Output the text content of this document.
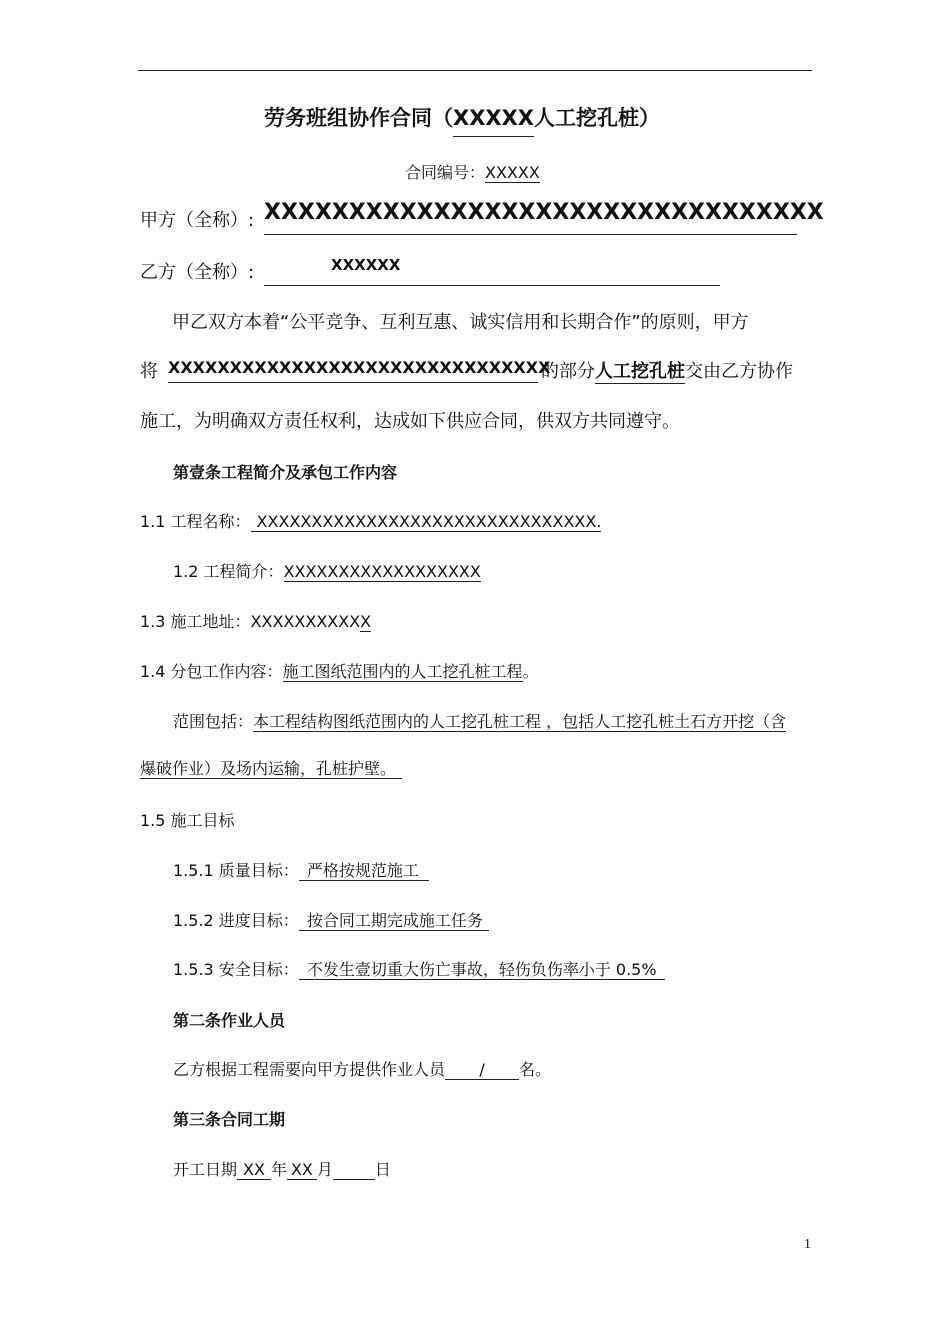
劳务班组协作合同（XXXXX人工挖孔桩）
合同编号：XXXXX
甲方（全称）: XXXXXXXXXXXXXXXXXXXXXXXXXXXXXXXXX
乙方（全称）:	XXXXXX
甲乙双方本着“公平竞争、互利互惠、诚实信用和长期合作”的原则，甲方
将 XXXXXXXXXXXXXXXXXXXXXXXXXXXXXXX
的部分人工挖孔桩交由乙方协作
施工，为明确双方责任权利，达成如下供应合同，供双方共同遵守。
第壹条工程简介及承包工作内容
1.1 工程名称： XXXXXXXXXXXXXXXXXXXXXXXXXXXXXXX.
1.2 工程简介：XXXXXXXXXXXXXXXXXX
1.3 施工地址：XXXXXXXXXXX
1.4 分包工作内容：施工图纸范围内的人工挖孔桩工程。
范围包括：本工程结构图纸范围内的人工挖孔桩工程 ，包括人工挖孔桩土石方开挖（含
爆破作业）及场内运输，孔桩护壁。
1.5 施工目标
1.5.1 质量目标： 严格按规范施工
1.5.2 进度目标： 按合同工期完成施工任务
1.5.3 安全目标： 不发生壹切重大伤亡事故，轻伤负伤率小于 0.5%
第二条作业人员
乙方根据工程需要向甲方提供作业人员 / 名。
第三条合同工期
开工日期 XX 年 XX 月	日
1
